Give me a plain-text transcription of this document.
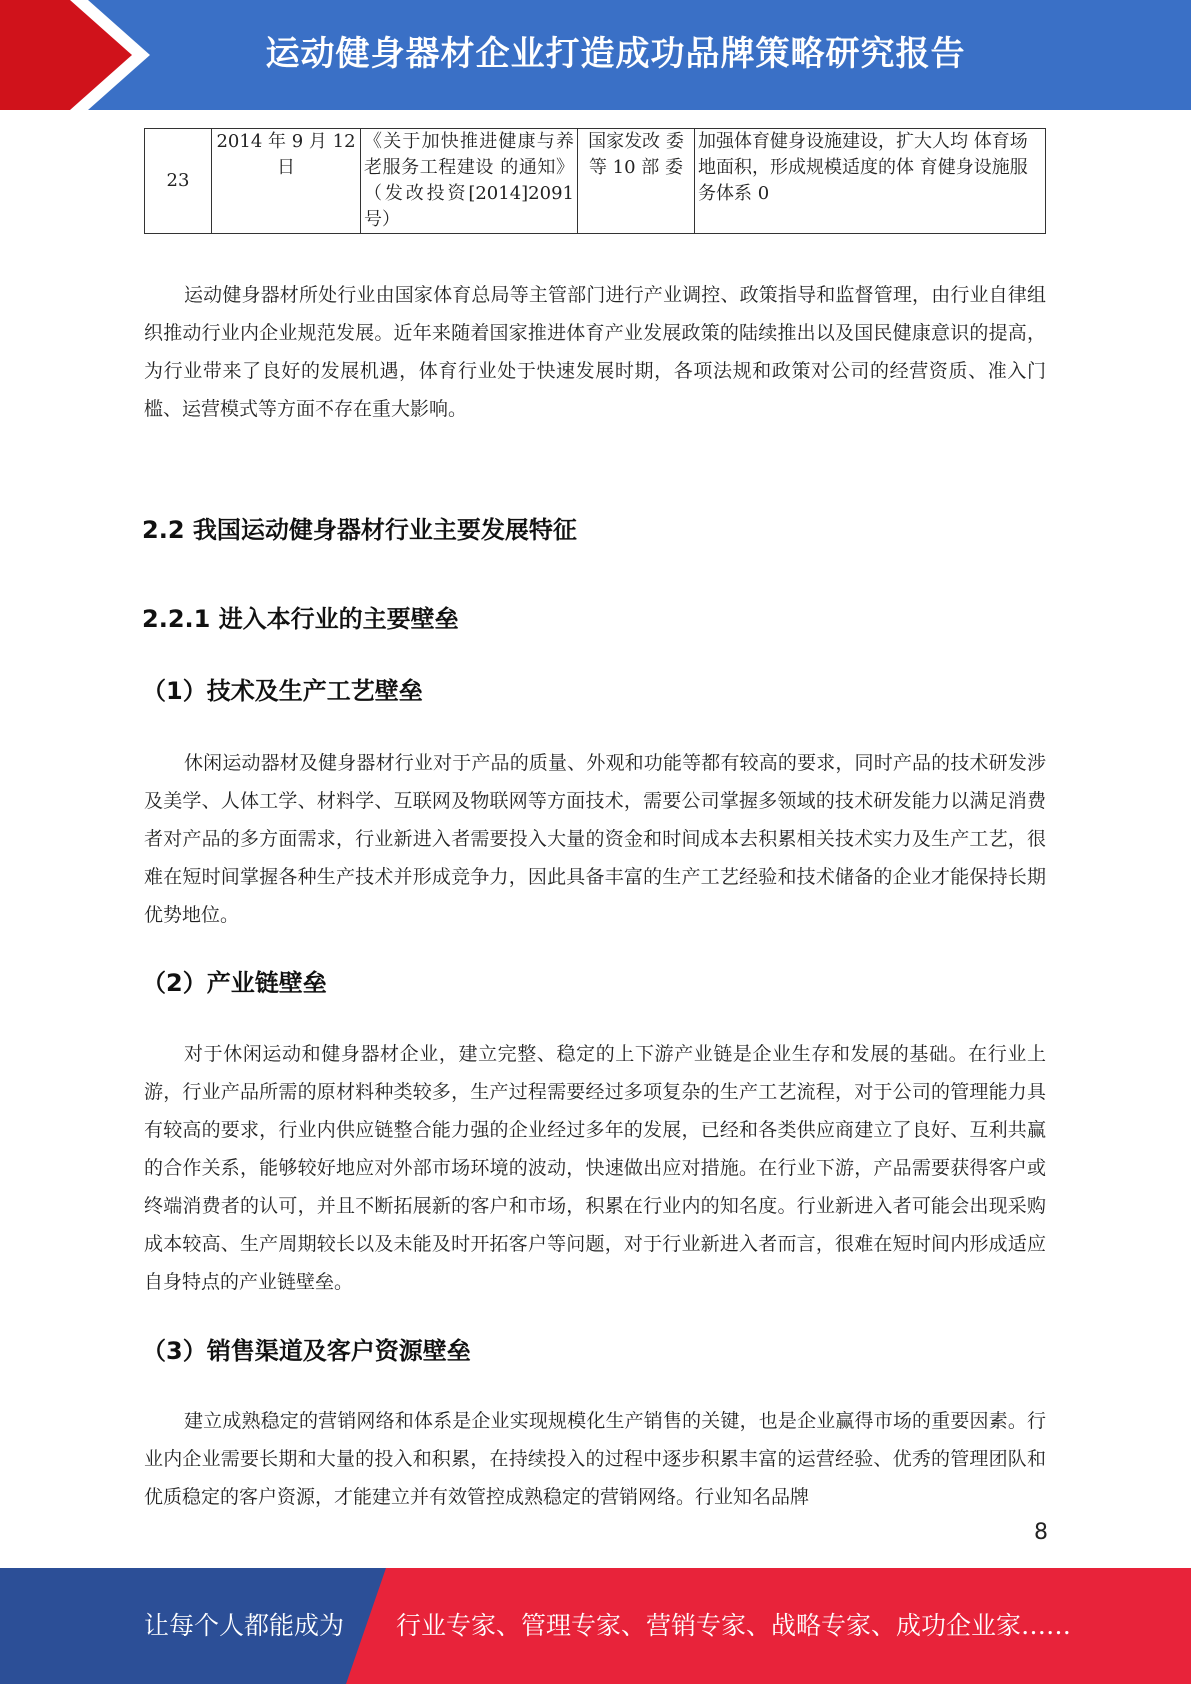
运动健身器材企业打造成功品牌策略研究报告
23	2014 年 9 月 12 日	《关于加快推进健康与养老服务工程建设 的通知》（发改投资[2014]2091 号）	国家发改 委等 10 部 委	加强体育健身设施建设，扩大人均 体育场地面积，形成规模适度的体 育健身设施服务体系 0

运动健身器材所处行业由国家体育总局等主管部门进行产业调控、政策指导和监督管理，由行业自律组织推动行业内企业规范发展。近年来随着国家推进体育产业发展政策的陆续推出以及国民健康意识的提高，为行业带来了良好的发展机遇，体育行业处于快速发展时期，各项法规和政策对公司的经营资质、准入门槛、运营模式等方面不存在重大影响。

2.2 我国运动健身器材行业主要发展特征
2.2.1 进入本行业的主要壁垒
（1）技术及生产工艺壁垒

休闲运动器材及健身器材行业对于产品的质量、外观和功能等都有较高的要求，同时产品的技术研发涉及美学、人体工学、材料学、互联网及物联网等方面技术，需要公司掌握多领域的技术研发能力以满足消费者对产品的多方面需求，行业新进入者需要投入大量的资金和时间成本去积累相关技术实力及生产工艺，很难在短时间掌握各种生产技术并形成竞争力，因此具备丰富的生产工艺经验和技术储备的企业才能保持长期优势地位。

（2）产业链壁垒

对于休闲运动和健身器材企业，建立完整、稳定的上下游产业链是企业生存和发展的基础。在行业上游，行业产品所需的原材料种类较多，生产过程需要经过多项复杂的生产工艺流程，对于公司的管理能力具有较高的要求，行业内供应链整合能力强的企业经过多年的发展，已经和各类供应商建立了良好、互利共赢的合作关系，能够较好地应对外部市场环境的波动，快速做出应对措施。在行业下游，产品需要获得客户或终端消费者的认可，并且不断拓展新的客户和市场，积累在行业内的知名度。行业新进入者可能会出现采购成本较高、生产周期较长以及未能及时开拓客户等问题，对于行业新进入者而言，很难在短时间内形成适应自身特点的产业链壁垒。

（3）销售渠道及客户资源壁垒

建立成熟稳定的营销网络和体系是企业实现规模化生产销售的关键，也是企业赢得市场的重要因素。行业内企业需要长期和大量的投入和积累，在持续投入的过程中逐步积累丰富的运营经验、优秀的管理团队和优质稳定的客户资源，才能建立并有效管控成熟稳定的营销网络。行业知名品牌

8
让每个人都能成为 行业专家、管理专家、营销专家、战略专家、成功企业家……
